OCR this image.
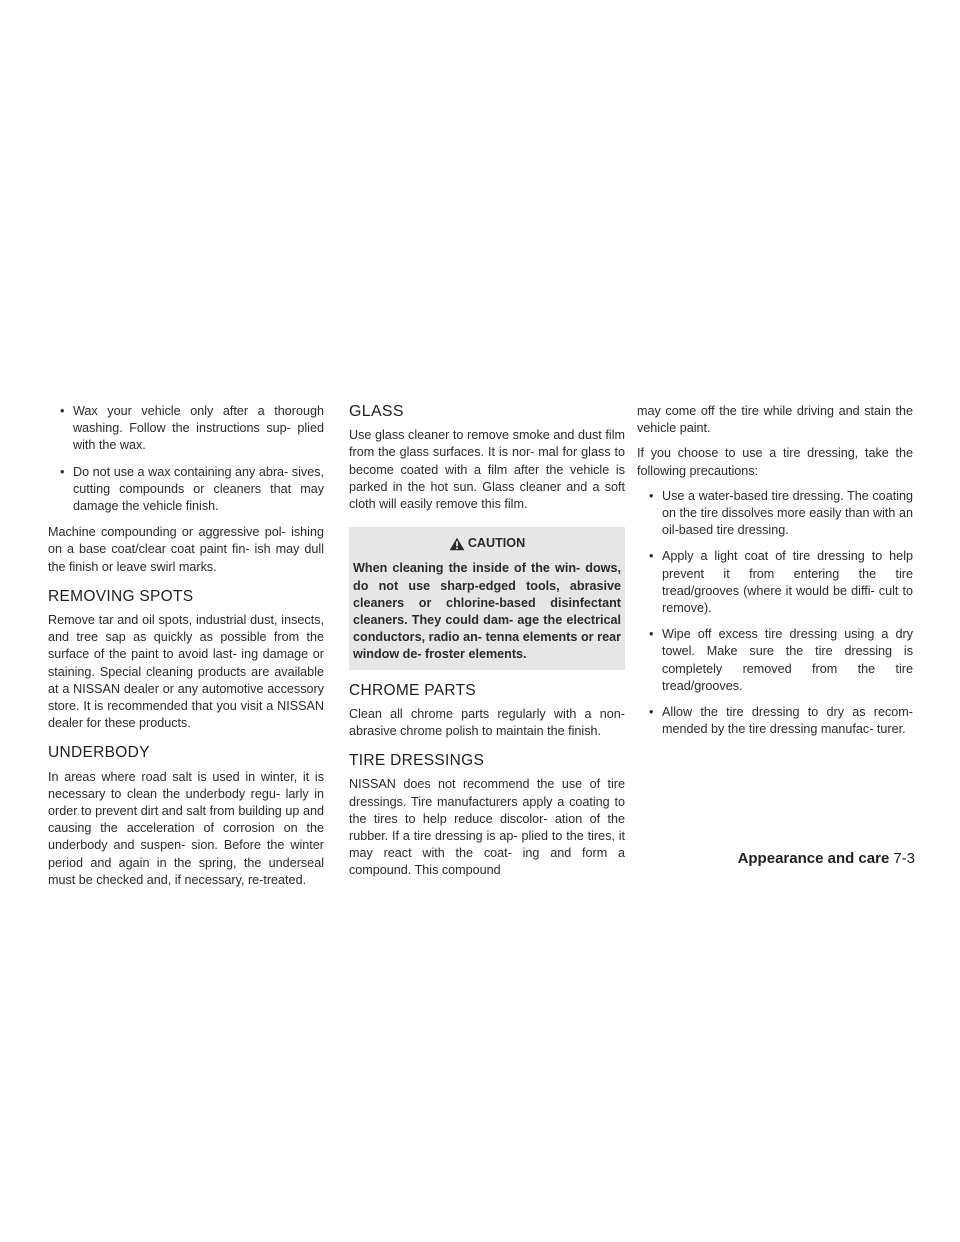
• Wax your vehicle only after a thorough washing. Follow the instructions sup- plied with the wax.
• Do not use a wax containing any abra- sives, cutting compounds or cleaners that may damage the vehicle finish.

Machine compounding or aggressive pol- ishing on a base coat/clear coat paint fin- ish may dull the finish or leave swirl marks.

REMOVING SPOTS

Remove tar and oil spots, industrial dust, insects, and tree sap as quickly as possible from the surface of the paint to avoid last- ing damage or staining. Special cleaning products are available at a NISSAN dealer or any automotive accessory store. It is recommended that you visit a NISSAN dealer for these products.

UNDERBODY

In areas where road salt is used in winter, it is necessary to clean the underbody regu- larly in order to prevent dirt and salt from building up and causing the acceleration of corrosion on the underbody and suspen- sion. Before the winter period and again in the spring, the underseal must be checked and, if necessary, re-treated.

GLASS

Use glass cleaner to remove smoke and dust film from the glass surfaces. It is nor- mal for glass to become coated with a film after the vehicle is parked in the hot sun. Glass cleaner and a soft cloth will easily remove this film.

CAUTION

When cleaning the inside of the win- dows, do not use sharp-edged tools, abrasive cleaners or chlorine-based disinfectant cleaners. They could dam- age the electrical conductors, radio an- tenna elements or rear window de- froster elements.

CHROME PARTS

Clean all chrome parts regularly with a non-abrasive chrome polish to maintain the finish.

TIRE DRESSINGS

NISSAN does not recommend the use of tire dressings. Tire manufacturers apply a coating to the tires to help reduce discolor- ation of the rubber. If a tire dressing is ap- plied to the tires, it may react with the coat- ing and form a compound. This compound

may come off the tire while driving and stain the vehicle paint.

If you choose to use a tire dressing, take the following precautions:

• Use a water-based tire dressing. The coating on the tire dissolves more easily than with an oil-based tire dressing.
• Apply a light coat of tire dressing to help prevent it from entering the tire tread/grooves (where it would be diffi- cult to remove).
• Wipe off excess tire dressing using a dry towel. Make sure the tire dressing is completely removed from the tire tread/grooves.
• Allow the tire dressing to dry as recom- mended by the tire dressing manufac- turer.
Appearance and care 7-3
